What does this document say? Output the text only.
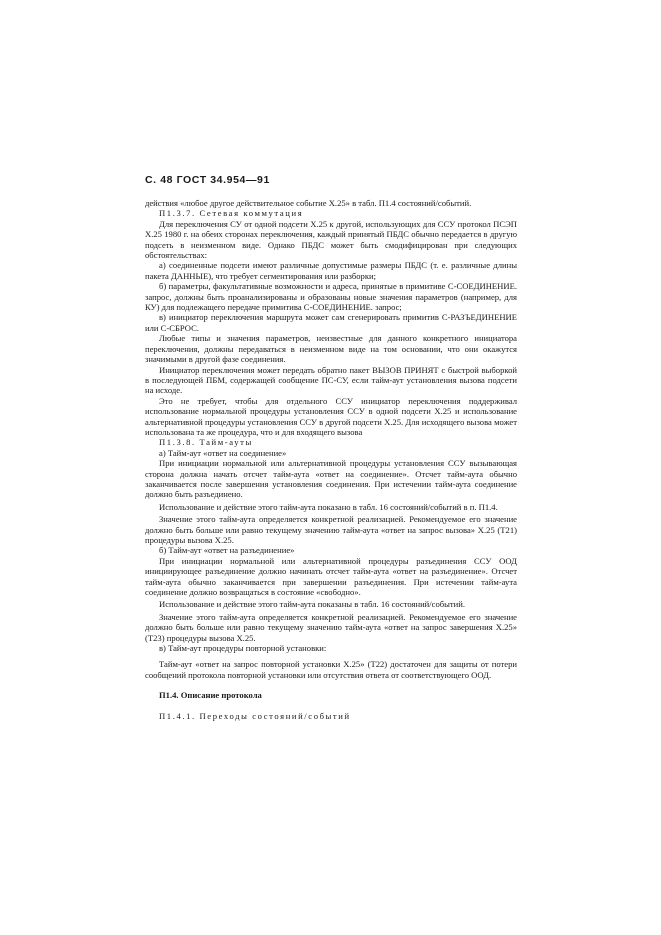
С. 48 ГОСТ 34.954—91

действия «любое другое действительное событие Х.25» в табл. П1.4 состояний/событий.

П1.3.7. Сетевая коммутация

Для переключения СУ от одной подсети Х.25 к другой, использующих для ССУ протокол ПСЭП Х.25 1980 г. на обеих сторонах переключения, каждый принятый ПБДС обычно передается в другую подсеть в неизменном виде. Однако ПБДС может быть смодифицирован при следующих обстоятельствах:

а) соединенные подсети имеют различные допустимые размеры ПБДС (т. е. различные длины пакета ДАННЫЕ), что требует сегментирования или разборки;

б) параметры, факультативные возможности и адреса, принятые в примитиве С-СОЕДИНЕНИЕ. запрос, должны быть проанализированы и образованы новые значения параметров (например, для КУ) для подлежащего передаче примитива С-СОЕДИНЕНИЕ. запрос;

в) инициатор переключения маршрута может сам сгенерировать примитив С-РАЗЪЕДИНЕНИЕ или С-СБРОС.

Любые типы и значения параметров, неизвестные для данного конкретного инициатора переключения, должны передаваться в неизменном виде на том основании, что они окажутся значимыми в другой фазе соединения.

Инициатор переключения может передать обратно пакет ВЫЗОВ ПРИНЯТ с быстрой выборкой в последующей ПБМ, содержащей сообщение ПС-СУ, если тайм-аут установления вызова подсети на исходе.

Это не требует, чтобы для отдельного ССУ инициатор переключения поддерживал использование нормальной процедуры установления ССУ в одной подсети Х.25 и использование альтернативной процедуры установления ССУ в другой подсети Х.25. Для исходящего вызова может использована та же процедура, что и для входящего вызова

П1.3.8. Тайм-ауты

а) Тайм-аут «ответ на соединение»

При инициации нормальной или альтернативной процедуры установления ССУ вызывающая сторона должна начать отсчет тайм-аута «ответ на соединение». Отсчет тайм-аута обычно заканчивается после завершения установления соединения. При истечении тайм-аута соединение должно быть разъединено.

Использование и действие этого тайм-аута показано в табл. 16 состояний/событий в п. П1.4.

Значение этого тайм-аута определяется конкретной реализацией. Рекомендуемое его значение должно быть больше или равно текущему значению тайм-аута «ответ на запрос вызова» Х.25 (Т21) процедуры вызова Х.25.

б) Тайм-аут «ответ на разъединение»

При инициации нормальной или альтернативной процедуры разъединения ССУ ООД инициирующее разъединение должно начинать отсчет тайм-аута «ответ на разъединение». Отсчет тайм-аута обычно заканчивается при завершении разъединения. При истечении тайм-аута соединение должно возвращаться в состояние «свободно».

Использование и действие этого тайм-аута показаны в табл. 16 состояний/событий.

Значение этого тайм-аута определяется конкретной реализацией. Рекомендуемое его значение должно быть больше или равно текущему значению тайм-аута «ответ на запрос завершения Х.25» (Т23) процедуры вызова Х.25.

в) Тайм-аут процедуры повторной установки:

Тайм-аут «ответ на запрос повторной установки Х.25» (Т22) достаточен для защиты от потери сообщений протокола повторной установки или отсутствия ответа от соответствующего ООД.

П1.4. Описание протокола

П1.4.1. Переходы состояний/событий
